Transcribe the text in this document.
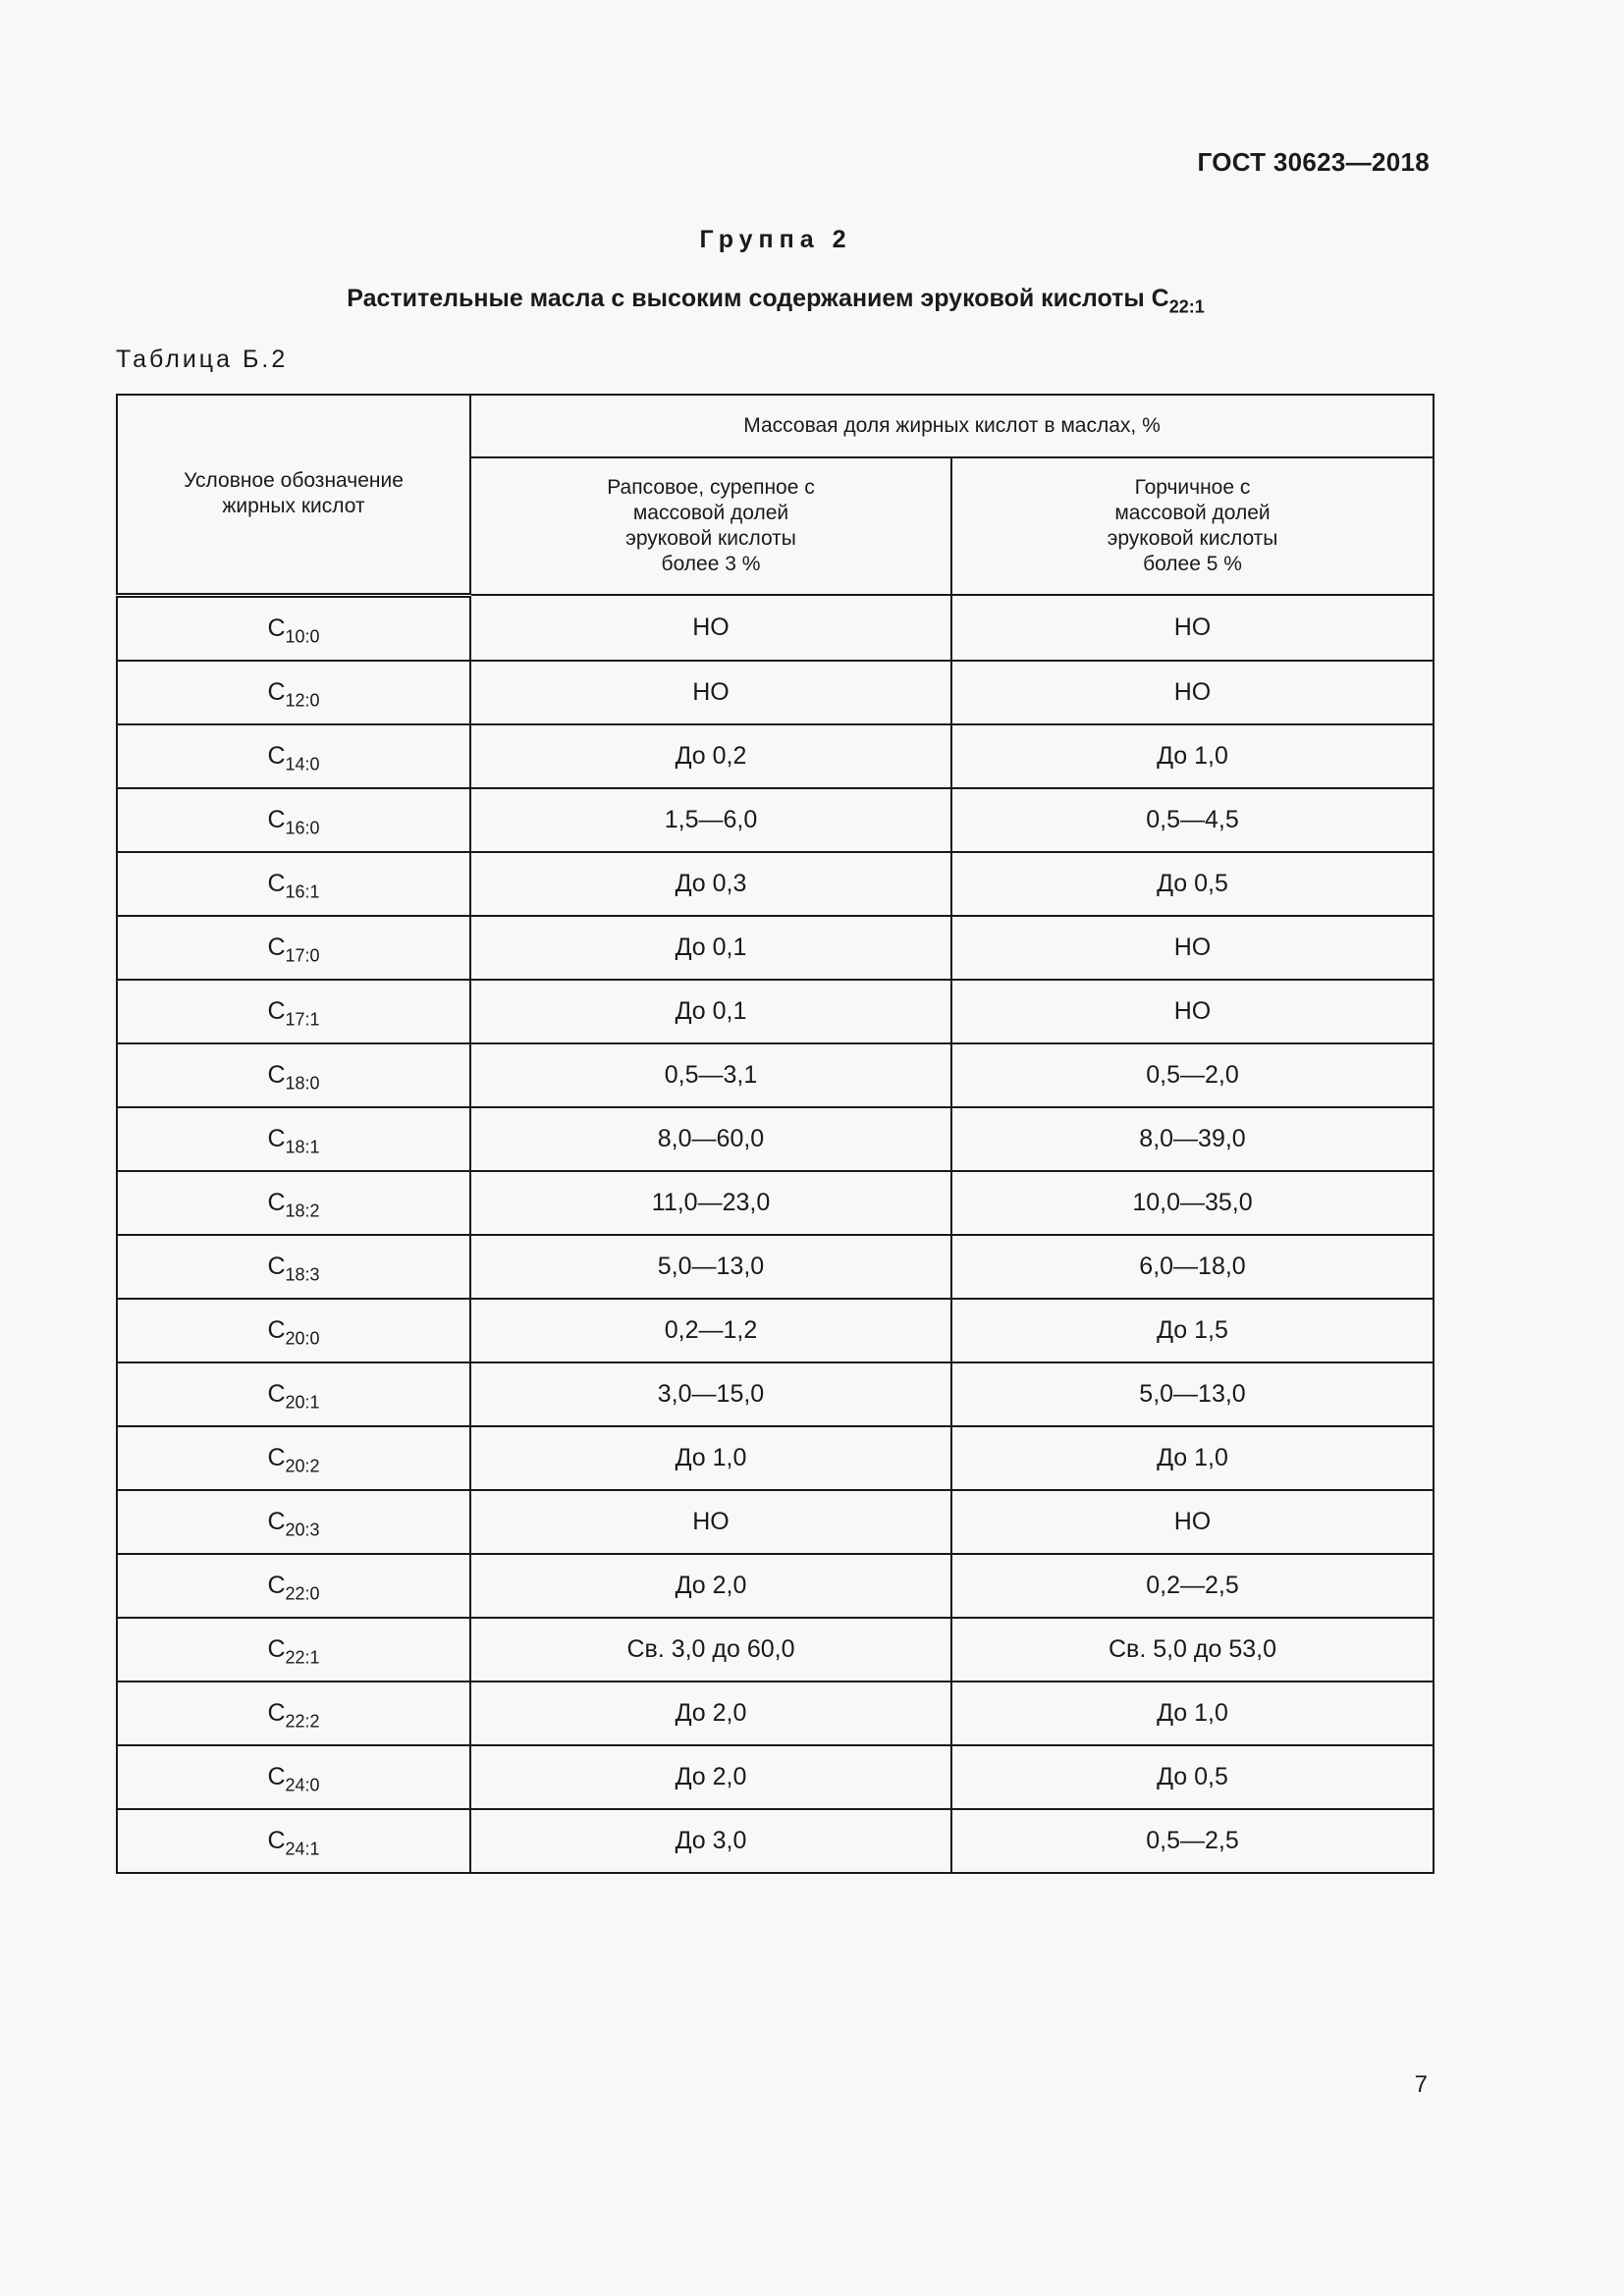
ГОСТ 30623—2018
Группа 2
Растительные масла с высоким содержанием эруковой кислоты $C_{22:1}$
Таблица Б.2
Условное обозначение жирных кислот	Массовая доля жирных кислот в маслах, %	
	Рапсовое, сурепное с массовой долей эруковой кислоты более 3 %	Горчичное с массовой долей эруковой кислоты более 5 %
$C_{10:0}$	НО	НО
$C_{12:0}$	НО	НО
$C_{14:0}$	До 0,2	До 1,0
$C_{16:0}$	1,5—6,0	0,5—4,5
$C_{16:1}$	До 0,3	До 0,5
$C_{17:0}$	До 0,1	НО
$C_{17:1}$	До 0,1	НО
$C_{18:0}$	0,5—3,1	0,5—2,0
$C_{18:1}$	8,0—60,0	8,0—39,0
$C_{18:2}$	11,0—23,0	10,0—35,0
$C_{18:3}$	5,0—13,0	6,0—18,0
$C_{20:0}$	0,2—1,2	До 1,5
$C_{20:1}$	3,0—15,0	5,0—13,0
$C_{20:2}$	До 1,0	До 1,0
$C_{20:3}$	НО	НО
$C_{22:0}$	До 2,0	0,2—2,5
$C_{22:1}$	Св. 3,0 до 60,0	Св. 5,0 до 53,0
$C_{22:2}$	До 2,0	До 1,0
$C_{24:0}$	До 2,0	До 0,5
$C_{24:1}$	До 3,0	0,5—2,5
7
